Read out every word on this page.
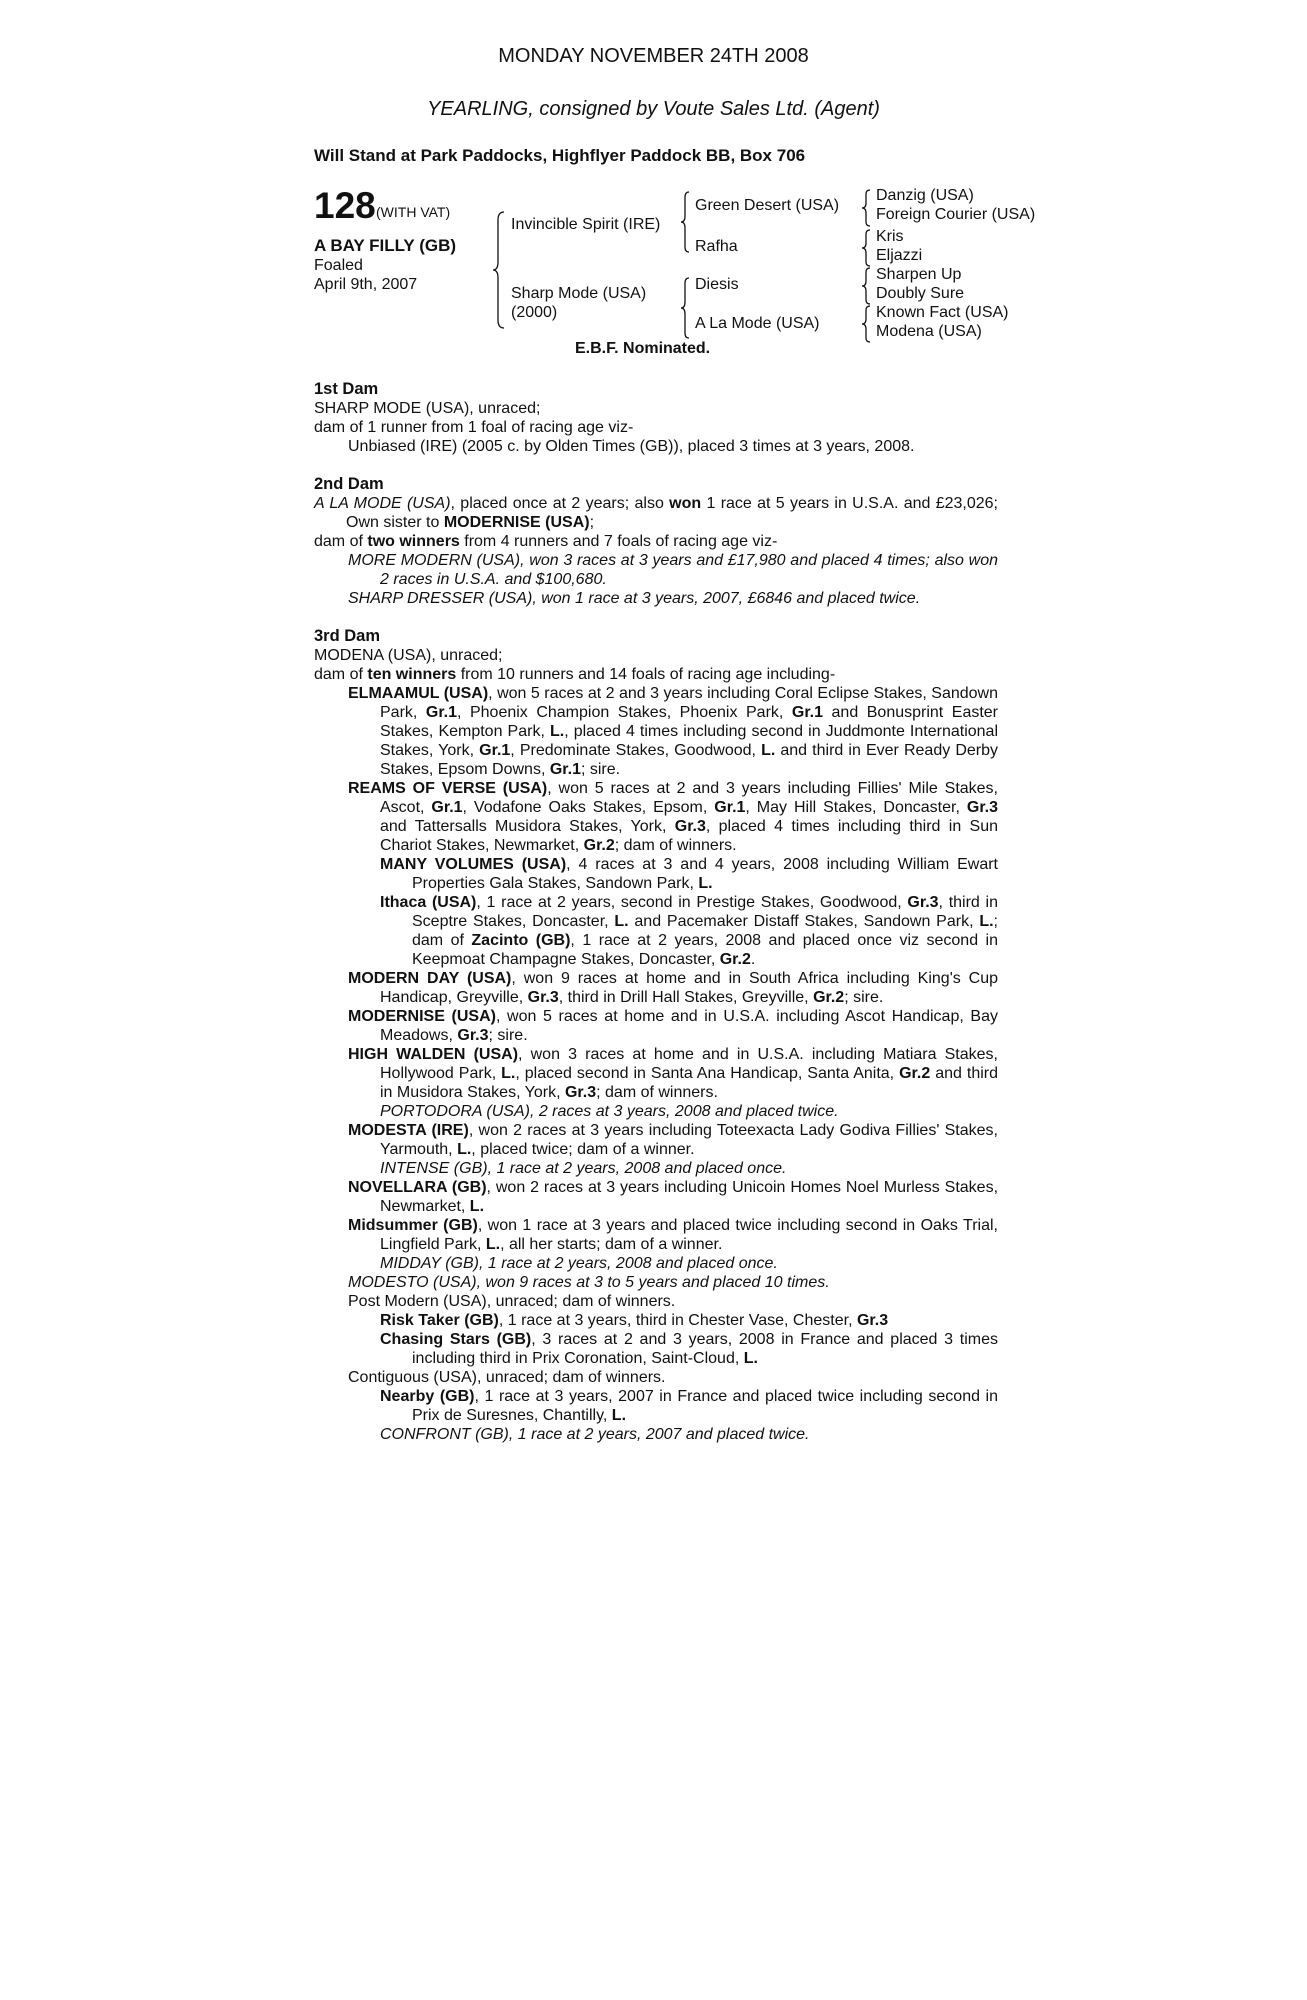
MONDAY NOVEMBER 24TH 2008
YEARLING, consigned by Voute Sales Ltd. (Agent)
Will Stand at Park Paddocks, Highflyer Paddock BB, Box 706
128 (WITH VAT)
A BAY FILLY (GB)
Foaled
April 9th, 2007
Invincible Spirit (IRE)
Sharp Mode (USA)
(2000)
Green Desert (USA)
Rafha
Diesis
A La Mode (USA)
Danzig (USA)
Foreign Courier (USA)
Kris
Eljazzi
Sharpen Up
Doubly Sure
Known Fact (USA)
Modena (USA)
E.B.F. Nominated.

1st Dam

SHARP MODE (USA), unraced;

dam of 1 runner from 1 foal of racing age viz-

Unbiased (IRE) (2005 c. by Olden Times (GB)), placed 3 times at 3 years, 2008.

2nd Dam

A LA MODE (USA), placed once at 2 years; also won 1 race at 5 years in U.S.A. and £23,026; Own sister to MODERNISE (USA);

dam of two winners from 4 runners and 7 foals of racing age viz-

MORE MODERN (USA), won 3 races at 3 years and £17,980 and placed 4 times; also won 2 races in U.S.A. and $100,680.

SHARP DRESSER (USA), won 1 race at 3 years, 2007, £6846 and placed twice.

3rd Dam

MODENA (USA), unraced;

dam of ten winners from 10 runners and 14 foals of racing age including-

ELMAAMUL (USA), won 5 races at 2 and 3 years including Coral Eclipse Stakes, Sandown Park, Gr.1, Phoenix Champion Stakes, Phoenix Park, Gr.1 and Bonusprint Easter Stakes, Kempton Park, L., placed 4 times including second in Juddmonte International Stakes, York, Gr.1, Predominate Stakes, Goodwood, L. and third in Ever Ready Derby Stakes, Epsom Downs, Gr.1; sire.

REAMS OF VERSE (USA), won 5 races at 2 and 3 years including Fillies' Mile Stakes, Ascot, Gr.1, Vodafone Oaks Stakes, Epsom, Gr.1, May Hill Stakes, Doncaster, Gr.3 and Tattersalls Musidora Stakes, York, Gr.3, placed 4 times including third in Sun Chariot Stakes, Newmarket, Gr.2; dam of winners.

MANY VOLUMES (USA), 4 races at 3 and 4 years, 2008 including William Ewart Properties Gala Stakes, Sandown Park, L.

Ithaca (USA), 1 race at 2 years, second in Prestige Stakes, Goodwood, Gr.3, third in Sceptre Stakes, Doncaster, L. and Pacemaker Distaff Stakes, Sandown Park, L.; dam of Zacinto (GB), 1 race at 2 years, 2008 and placed once viz second in Keepmoat Champagne Stakes, Doncaster, Gr.2.

MODERN DAY (USA), won 9 races at home and in South Africa including King's Cup Handicap, Greyville, Gr.3, third in Drill Hall Stakes, Greyville, Gr.2; sire.

MODERNISE (USA), won 5 races at home and in U.S.A. including Ascot Handicap, Bay Meadows, Gr.3; sire.

HIGH WALDEN (USA), won 3 races at home and in U.S.A. including Matiara Stakes, Hollywood Park, L., placed second in Santa Ana Handicap, Santa Anita, Gr.2 and third in Musidora Stakes, York, Gr.3; dam of winners.

PORTODORA (USA), 2 races at 3 years, 2008 and placed twice.

MODESTA (IRE), won 2 races at 3 years including Toteexacta Lady Godiva Fillies' Stakes, Yarmouth, L., placed twice; dam of a winner.

INTENSE (GB), 1 race at 2 years, 2008 and placed once.

NOVELLARA (GB), won 2 races at 3 years including Unicoin Homes Noel Murless Stakes, Newmarket, L.

Midsummer (GB), won 1 race at 3 years and placed twice including second in Oaks Trial, Lingfield Park, L., all her starts; dam of a winner.

MIDDAY (GB), 1 race at 2 years, 2008 and placed once.

MODESTO (USA), won 9 races at 3 to 5 years and placed 10 times.

Post Modern (USA), unraced; dam of winners.

Risk Taker (GB), 1 race at 3 years, third in Chester Vase, Chester, Gr.3

Chasing Stars (GB), 3 races at 2 and 3 years, 2008 in France and placed 3 times including third in Prix Coronation, Saint-Cloud, L.

Contiguous (USA), unraced; dam of winners.

Nearby (GB), 1 race at 3 years, 2007 in France and placed twice including second in Prix de Suresnes, Chantilly, L.

CONFRONT (GB), 1 race at 2 years, 2007 and placed twice.
